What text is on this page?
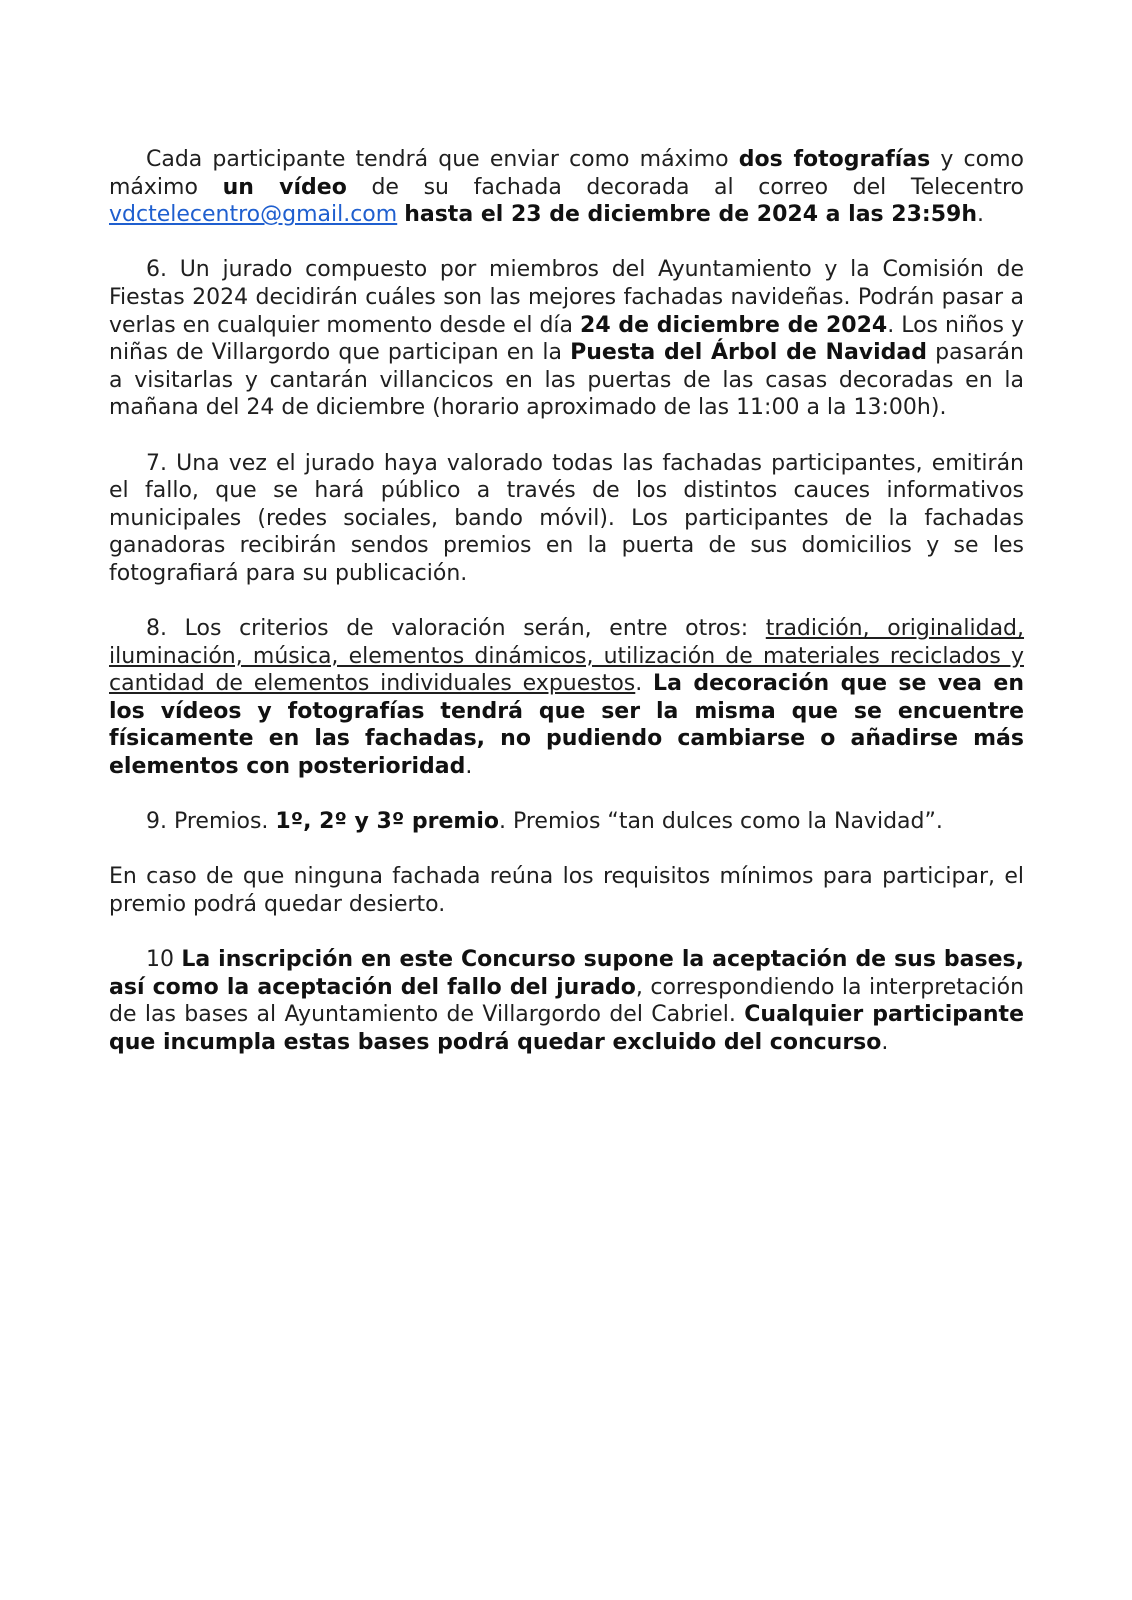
Cada participante tendrá que enviar como máximo dos fotografías y como máximo un vídeo de su fachada decorada al correo del Telecentro vdctelecentro@gmail.com hasta el 23 de diciembre de 2024 a las 23:59h.

6. Un jurado compuesto por miembros del Ayuntamiento y la Comisión de Fiestas 2024 decidirán cuáles son las mejores fachadas navideñas. Podrán pasar a verlas en cualquier momento desde el día 24 de diciembre de 2024. Los niños y niñas de Villargordo que participan en la Puesta del Árbol de Navidad pasarán a visitarlas y cantarán villancicos en las puertas de las casas decoradas en la mañana del 24 de diciembre (horario aproximado de las 11:00 a la 13:00h).

7. Una vez el jurado haya valorado todas las fachadas participantes, emitirán el fallo, que se hará público a través de los distintos cauces informativos municipales (redes sociales, bando móvil). Los participantes de la fachadas ganadoras recibirán sendos premios en la puerta de sus domicilios y se les fotografiará para su publicación.

8. Los criterios de valoración serán, entre otros: tradición, originalidad, iluminación, música, elementos dinámicos, utilización de materiales reciclados y cantidad de elementos individuales expuestos. La decoración que se vea en los vídeos y fotografías tendrá que ser la misma que se encuentre físicamente en las fachadas, no pudiendo cambiarse o añadirse más elementos con posterioridad.

9. Premios. 1º, 2º y 3º premio. Premios “tan dulces como la Navidad”.

En caso de que ninguna fachada reúna los requisitos mínimos para participar, el premio podrá quedar desierto.

10 La inscripción en este Concurso supone la aceptación de sus bases, así como la aceptación del fallo del jurado, correspondiendo la interpretación de las bases al Ayuntamiento de Villargordo del Cabriel. Cualquier participante que incumpla estas bases podrá quedar excluido del concurso.
